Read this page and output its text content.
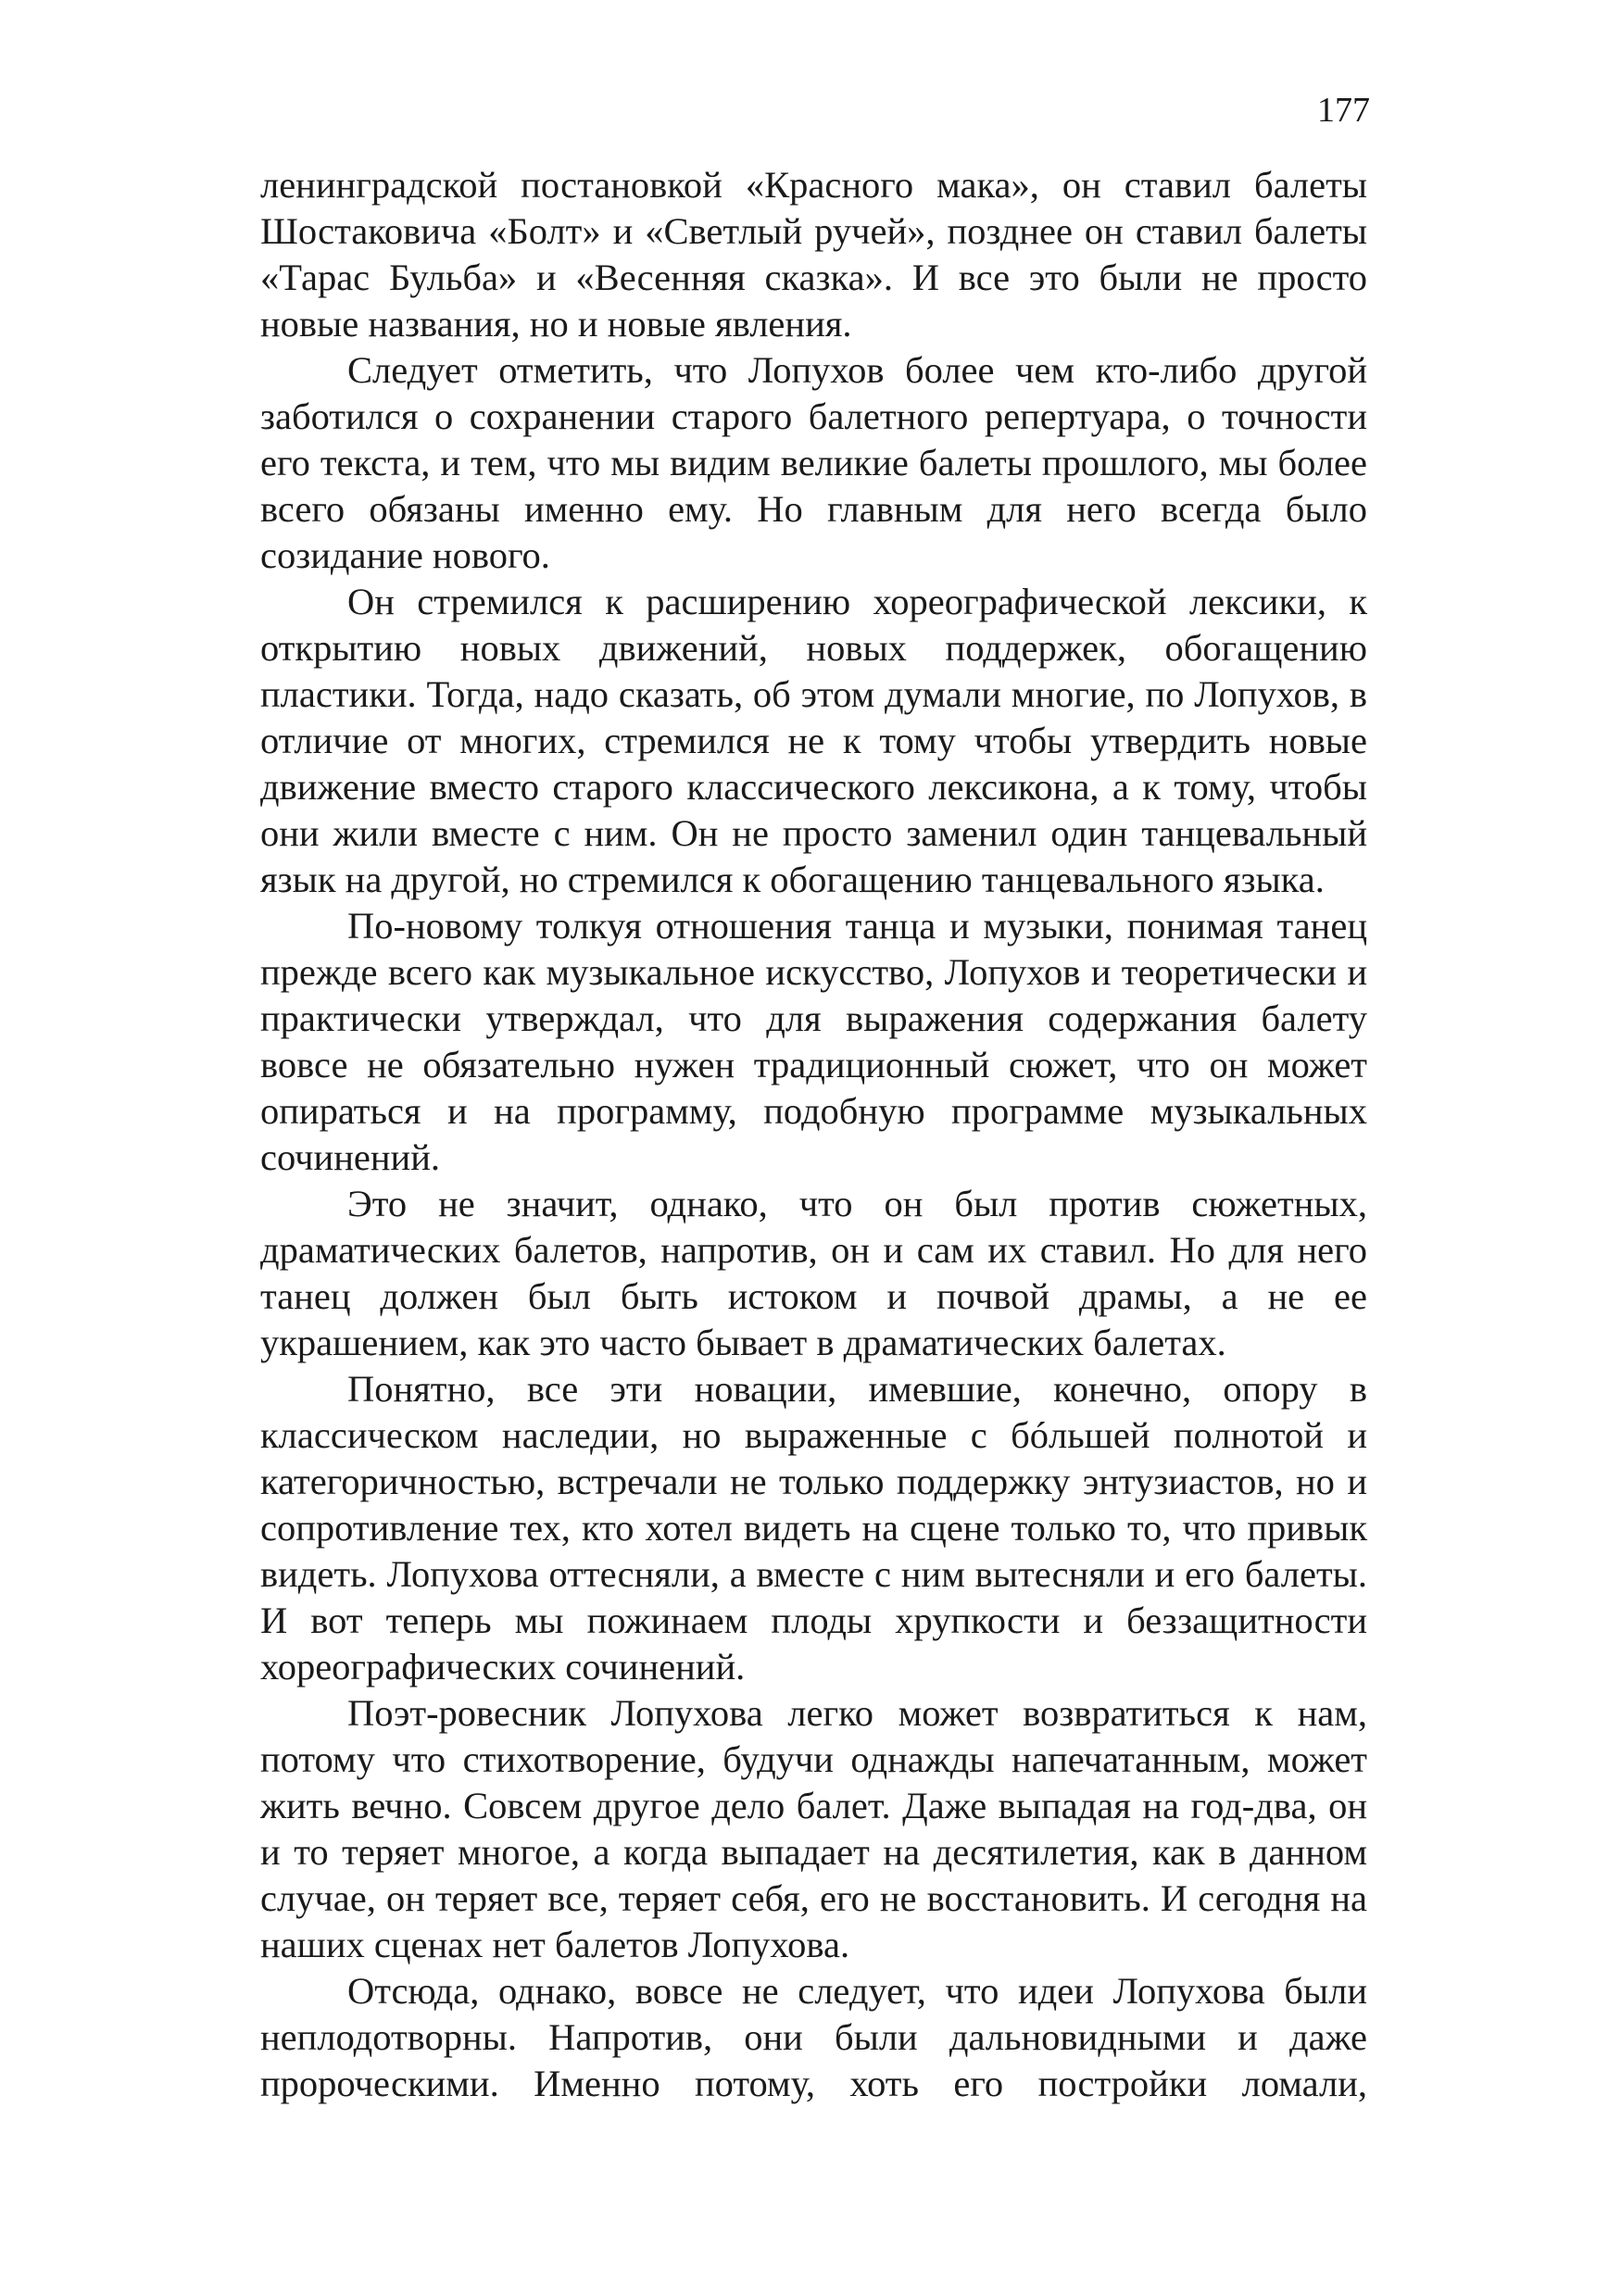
177

ленинградской постановкой «Красного мака», он ставил балеты Шостаковича «Болт» и «Светлый ручей», позднее он ставил балеты «Тарас Бульба» и «Весенняя сказка». И все это были не просто новые названия, но и новые явления.

Следует отметить, что Лопухов более чем кто-либо другой заботился о сохранении старого балетного репертуара, о точности его текста, и тем, что мы видим великие балеты прошлого, мы более всего обязаны именно ему. Но главным для него всегда было созидание нового.

Он стремился к расширению хореографической лексики, к открытию новых движений, новых поддержек, обогащению пластики. Тогда, надо сказать, об этом думали многие, по Лопухов, в отличие от многих, стремился не к тому чтобы утвердить новые движение вместо старого классического лексикона, а к тому, чтобы они жили вместе с ним. Он не просто заменил один танцевальный язык на другой, но стремился к обогащению танцевального языка.

По-новому толкуя отношения танца и музыки, понимая танец прежде всего как музыкальное искусство, Лопухов и теоретически и практически утверждал, что для выражения содержания балету вовсе не обязательно нужен традиционный сюжет, что он может опираться и на программу, подобную программе музыкальных сочинений.

Это не значит, однако, что он был против сюжетных, драматических балетов, напротив, он и сам их ставил. Но для него танец должен был быть истоком и почвой драмы, а не ее украшением, как это часто бывает в драматических балетах.

Понятно, все эти новации, имевшие, конечно, опору в классическом наследии, но выраженные с бóльшей полнотой и категоричностью, встречали не только поддержку энтузиастов, но и сопротивление тех, кто хотел видеть на сцене только то, что привык видеть. Лопухова оттесняли, а вместе с ним вытесняли и его балеты. И вот теперь мы пожинаем плоды хрупкости и беззащитности хореографических сочинений.

Поэт-ровесник Лопухова легко может возвратиться к нам, потому что стихотворение, будучи однажды напечатанным, может жить вечно. Совсем другое дело балет. Даже выпадая на год-два, он и то теряет многое, а когда выпадает на десятилетия, как в данном случае, он теряет все, теряет себя, его не восстановить. И сегодня на наших сценах нет балетов Лопухова.

Отсюда, однако, вовсе не следует, что идеи Лопухова были неплодотворны. Напротив, они были дальновидными и даже пророческими. Именно потому, хоть его постройки ломали,
